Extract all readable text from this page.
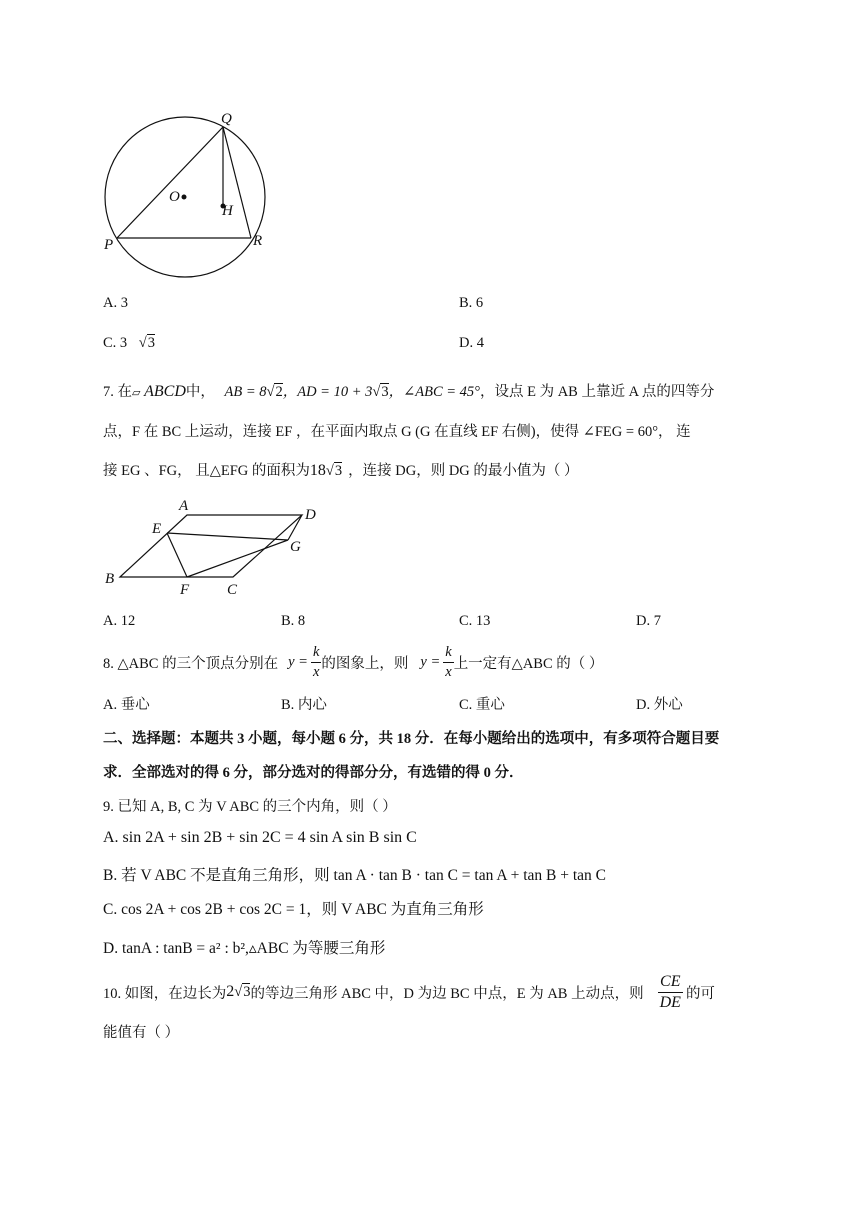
Q
O
H
P	R
A. 3	B. 6
C. 3 √3	D. 4
7. 在▱ ABCD中， AB = 8√2，AD = 10 + 3√3，∠ABC = 45°，设点 E 为 AB 上靠近 A 点的四等分
点，F 在 BC 上运动，连接 EF ，在平面内取点 G (G 在直线 EF 右侧)，使得 ∠FEG = 60°， 连
接 EG 、FG， 且△EFG 的面积为18√3 ，连接 DG，则 DG 的最小值为（ ）
A
D
E
G
B
F	C
A. 12	B. 8	C. 13	D. 7
8. △ABC 的三个顶点分别在 $y = \frac{k}{x}$ 的图象上，则 $y = \frac{k}{x}$ 上一定有△ABC 的（ ）
A. 垂心	B. 内心	C. 重心	D. 外心
二、选择题：本题共 3 小题，每小题 6 分，共 18 分．在每小题给出的选项中，有多项符合题目要
求．全部选对的得 6 分，部分选对的得部分分，有选错的得 0 分．
9. 已知 A, B, C 为 V ABC 的三个内角，则（ ）
A. sin 2A + sin 2B + sin 2C = 4 sin A sin B sin C
B. 若 V ABC 不是直角三角形，则 tan A · tan B · tan C = tan A + tan B + tan C
C. cos 2A + cos 2B + cos 2C = 1，则 V ABC 为直角三角形
D. tanA : tanB = a² : b²,▵ABC 为等腰三角形
10. 如图，在边长为 2 √ 3 的等边三角形 ABC 中，D 为边 BC 中点，E 为 AB 上动点，则 $\frac{CE}{DE}$ 的可
能值有（ ）
